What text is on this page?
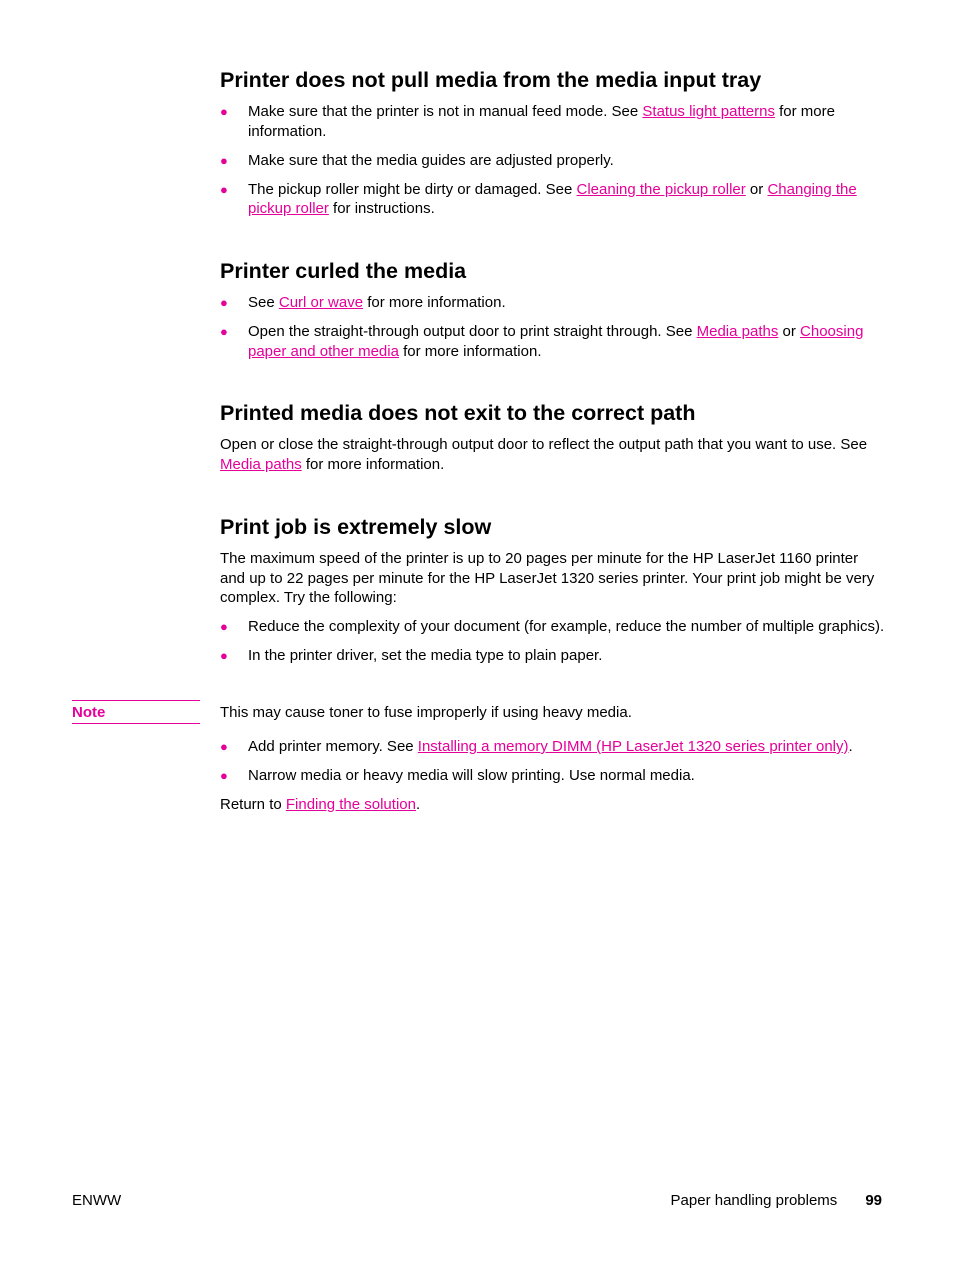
Printer does not pull media from the media input tray
● Make sure that the printer is not in manual feed mode. See Status light patterns for more information.
● Make sure that the media guides are adjusted properly.
● The pickup roller might be dirty or damaged. See Cleaning the pickup roller or Changing the pickup roller for instructions.
Printer curled the media
● See Curl or wave for more information.
● Open the straight-through output door to print straight through. See Media paths or Choosing paper and other media for more information.
Printed media does not exit to the correct path

Open or close the straight-through output door to reflect the output path that you want to use. See Media paths for more information.

Print job is extremely slow

The maximum speed of the printer is up to 20 pages per minute for the HP LaserJet 1160 printer and up to 22 pages per minute for the HP LaserJet 1320 series printer. Your print job might be very complex. Try the following:

● Reduce the complexity of your document (for example, reduce the number of multiple graphics).
● In the printer driver, set the media type to plain paper.
● Add printer memory. See Installing a memory DIMM (HP LaserJet 1320 series printer only).
● Narrow media or heavy media will slow printing. Use normal media.

Return to Finding the solution.

Note	This may cause toner to fuse improperly if using heavy media.
ENWW	Paper handling problems 99
